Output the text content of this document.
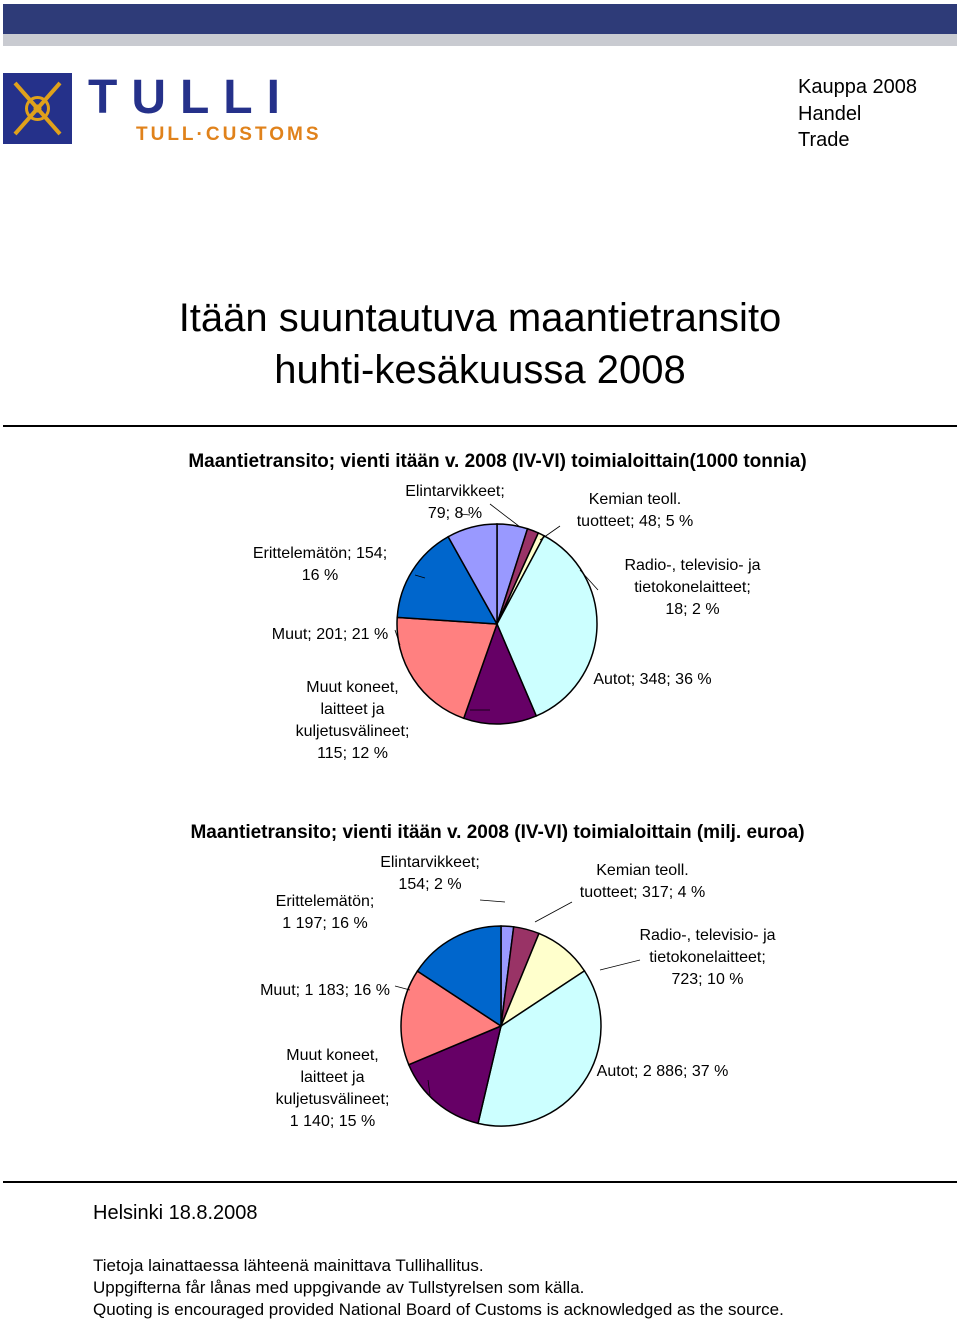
TULLI
TULL·CUSTOMS
Kauppa 2008
Handel
Trade
Itään suuntautuva maantietransito
huhti-kesäkuussa 2008
Maantietransito; vienti itään v. 2008 (IV-VI) toimialoittain(1000 tonnia)
Elintarvikkeet;
79; 8 %
Kemian teoll.
tuotteet; 48; 5 %
Erittelemätön; 154;
16 %
Radio-, televisio- ja
tietokonelaitteet;
18; 2 %
Muut; 201; 21 %
Autot; 348; 36 %
Muut koneet,
laitteet ja
kuljetusvälineet;
115; 12 %
Maantietransito; vienti itään v. 2008 (IV-VI) toimialoittain (milj. euroa)
Elintarvikkeet;
154; 2 %
Kemian teoll.
tuotteet; 317; 4 %
Erittelemätön;
1 197; 16 %
Radio-, televisio- ja
tietokonelaitteet;
723; 10 %
Muut; 1 183; 16 %
Muut koneet,
laitteet ja
kuljetusvälineet;
1 140; 15 %
Autot; 2 886; 37 %
Helsinki 18.8.2008
Tietoja lainattaessa lähteenä mainittava Tullihallitus.
Uppgifterna får lånas med uppgivande av Tullstyrelsen som källa.
Quoting is encouraged provided National Board of Customs is acknowledged as the source.
